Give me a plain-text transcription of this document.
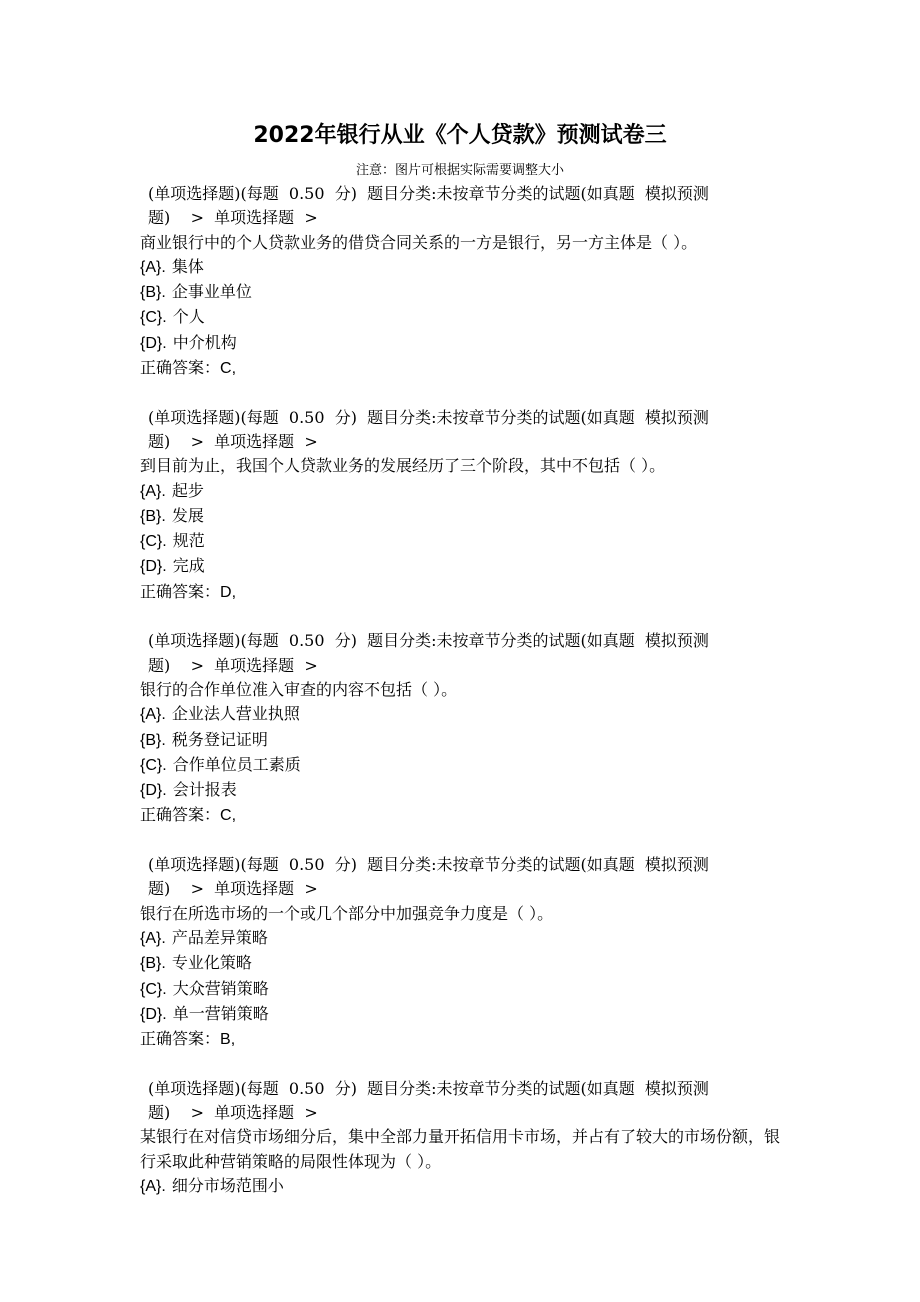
2022年银行从业《个人贷款》预测试卷三

注意：图片可根据实际需要调整大小

(单项选择题)(每题  0.50  分)  题目分类:未按章节分类的试题(如真题  模拟预测
题)    >  单项选择题  >

商业银行中的个人贷款业务的借贷合同关系的一方是银行，另一方主体是（ ）。

{A}. 集体

{B}. 企事业单位

{C}. 个人

{D}. 中介机构

正确答案：C,

(单项选择题)(每题  0.50  分)  题目分类:未按章节分类的试题(如真题  模拟预测
题)    >  单项选择题  >

到目前为止，我国个人贷款业务的发展经历了三个阶段，其中不包括（ ）。

{A}. 起步

{B}. 发展

{C}. 规范

{D}. 完成

正确答案：D,

(单项选择题)(每题  0.50  分)  题目分类:未按章节分类的试题(如真题  模拟预测
题)    >  单项选择题  >

银行的合作单位准入审查的内容不包括（ ）。

{A}. 企业法人营业执照

{B}. 税务登记证明

{C}. 合作单位员工素质

{D}. 会计报表

正确答案：C,

(单项选择题)(每题  0.50  分)  题目分类:未按章节分类的试题(如真题  模拟预测
题)    >  单项选择题  >

银行在所选市场的一个或几个部分中加强竞争力度是（ ）。

{A}. 产品差异策略

{B}. 专业化策略

{C}. 大众营销策略

{D}. 单一营销策略

正确答案：B,

(单项选择题)(每题  0.50  分)  题目分类:未按章节分类的试题(如真题  模拟预测
题)    >  单项选择题  >

某银行在对信贷市场细分后，集中全部力量开拓信用卡市场，并占有了较大的市场份额，银行采取此种营销策略的局限性体现为（ ）。

{A}. 细分市场范围小
